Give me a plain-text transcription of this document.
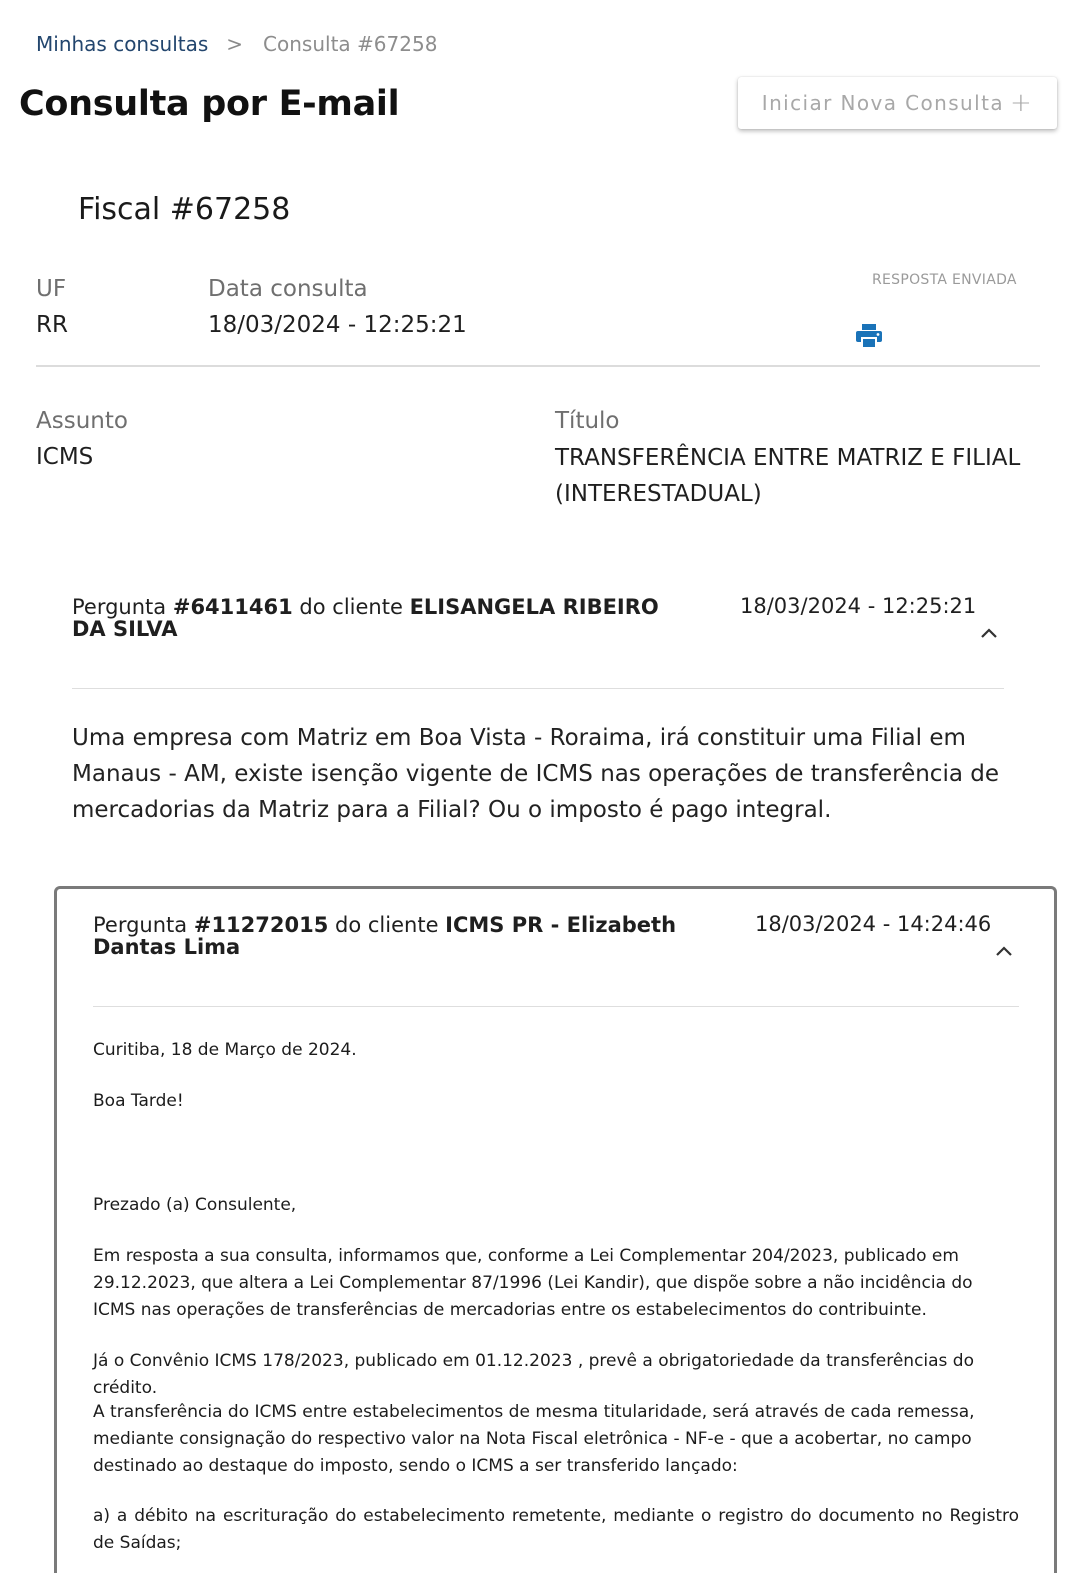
Minhas consultas > Consulta #67258
Consulta por E-mail	Iniciar Nova Consulta +
Fiscal #67258
UF
RR
Data consulta
18/03/2024 - 12:25:21
RESPOSTA ENVIADA
Assunto
ICMS
Título
TRANSFERÊNCIA ENTRE MATRIZ E FILIAL (INTERESTADUAL)
Pergunta #6411461 do cliente ELISANGELA RIBEIRO DA SILVA
18/03/2024 - 12:25:21
Uma empresa com Matriz em Boa Vista - Roraima, irá constituir uma Filial em Manaus - AM, existe isenção vigente de ICMS nas operações de transferência de mercadorias da Matriz para a Filial? Ou o imposto é pago integral.
Pergunta #11272015 do cliente ICMS PR - Elizabeth Dantas Lima
18/03/2024 - 14:24:46

Curitiba, 18 de Março de 2024.

Boa Tarde!

Prezado (a) Consulente,

Em resposta a sua consulta, informamos que, conforme a Lei Complementar 204/2023, publicado em 29.12.2023, que altera a Lei Complementar 87/1996 (Lei Kandir), que dispõe sobre a não incidência do ICMS nas operações de transferências de mercadorias entre os estabelecimentos do contribuinte.

Já o Convênio ICMS 178/2023, publicado em 01.12.2023 , prevê a obrigatoriedade da transferências do crédito.

A transferência do ICMS entre estabelecimentos de mesma titularidade, será através de cada remessa, mediante consignação do respectivo valor na Nota Fiscal eletrônica - NF-e - que a acobertar, no campo destinado ao destaque do imposto, sendo o ICMS a ser transferido lançado:

a) a débito na escrituração do estabelecimento remetente, mediante o registro do documento no Registro de Saídas;
